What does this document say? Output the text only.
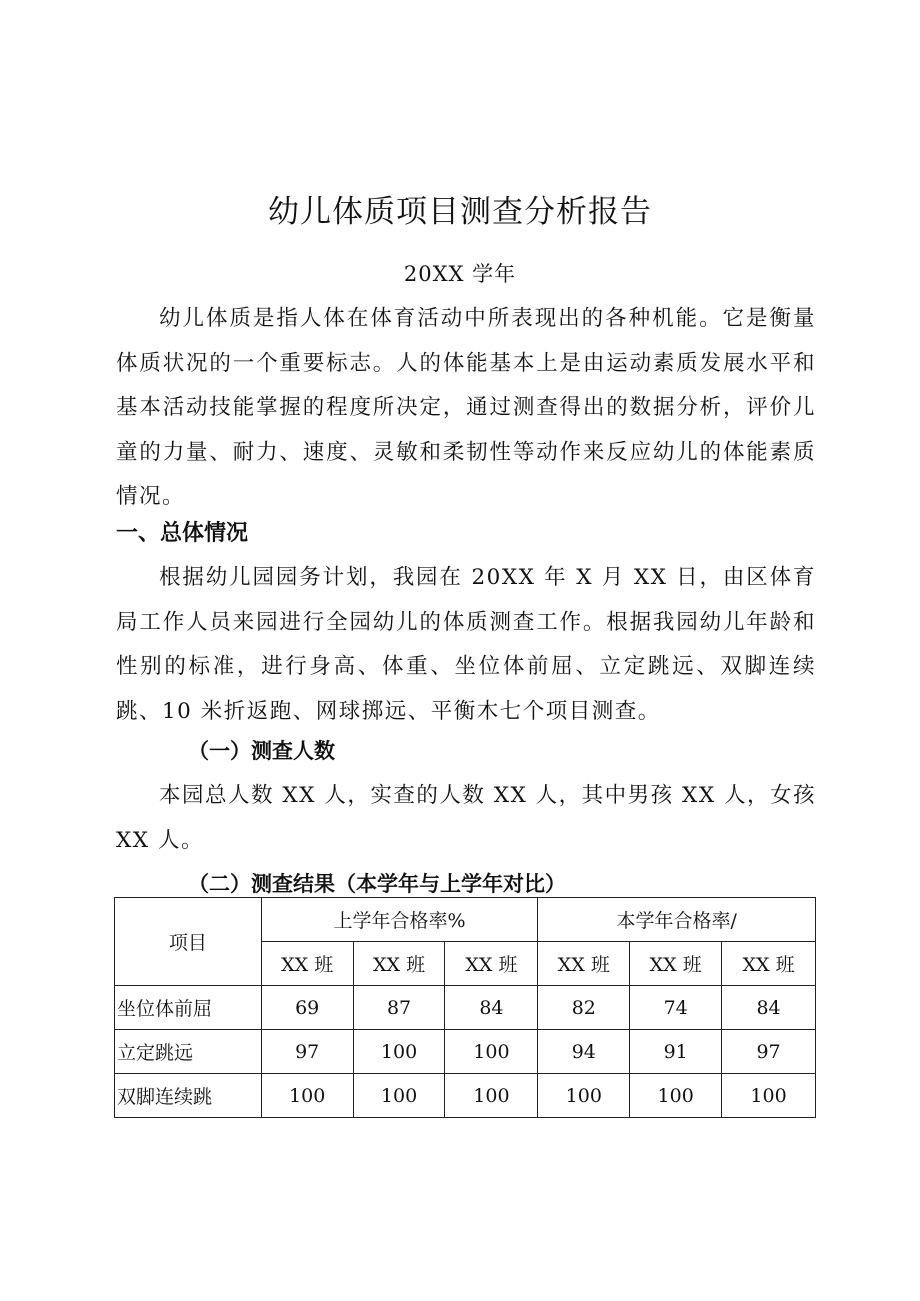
幼儿体质项目测查分析报告
20XX 学年

幼儿体质是指人体在体育活动中所表现出的各种机能。它是衡量体质状况的一个重要标志。人的体能基本上是由运动素质发展水平和基本活动技能掌握的程度所决定，通过测查得出的数据分析，评价儿童的力量、耐力、速度、灵敏和柔韧性等动作来反应幼儿的体能素质情况。

一、总体情况

根据幼儿园园务计划，我园在 20XX 年 X 月 XX 日，由区体育局工作人员来园进行全园幼儿的体质测查工作。根据我园幼儿年龄和性别的标准，进行身高、体重、坐位体前屈、立定跳远、双脚连续跳、10 米折返跑、网球掷远、平衡木七个项目测查。

（一）测查人数

本园总人数 XX 人，实查的人数 XX 人，其中男孩 XX 人，女孩 XX 人。

（二）测查结果（本学年与上学年对比）
项目	上学年合格率%			本学年合格率/		
	XX 班	XX 班	XX 班	XX 班	XX 班	XX 班
坐位体前屈	69	87	84	82	74	84
立定跳远	97	100	100	94	91	97
双脚连续跳	100	100	100	100	100	100
